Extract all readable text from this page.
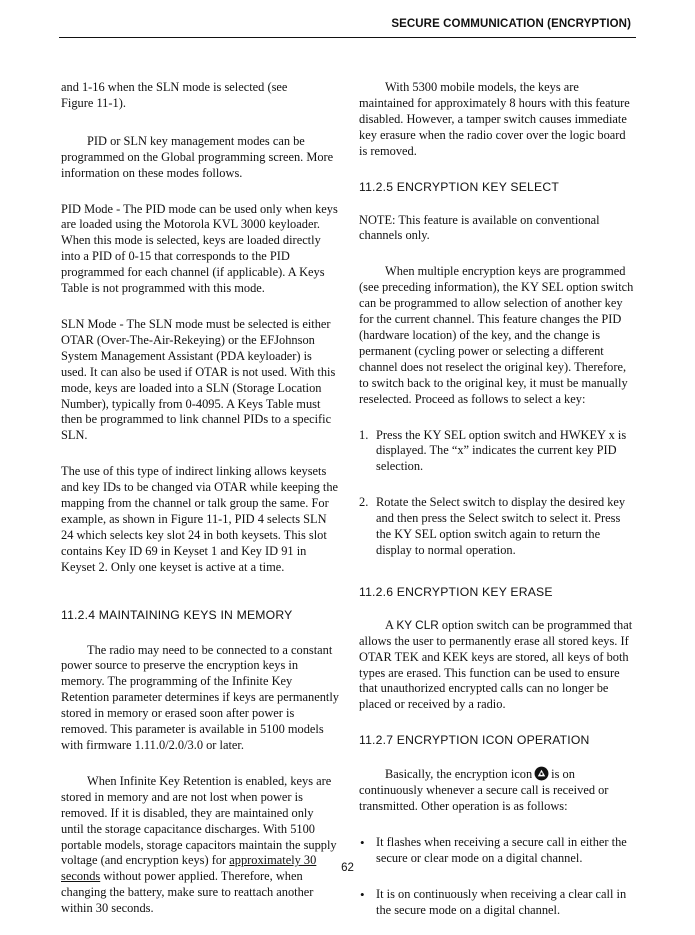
SECURE COMMUNICATION (ENCRYPTION)

and 1-16 when the SLN mode is selected (see
Figure 11-1).

PID or SLN key management modes can be programmed on the Global programming screen. More information on these modes follows.

PID Mode - The PID mode can be used only when keys are loaded using the Motorola KVL 3000 keyloader. When this mode is selected, keys are loaded directly into a PID of 0-15 that corresponds to the PID programmed for each channel (if applicable). A Keys Table is not programmed with this mode.

SLN Mode - The SLN mode must be selected is either OTAR (Over-The-Air-Rekeying) or the EFJohnson System Management Assistant (PDA keyloader) is used. It can also be used if OTAR is not used. With this mode, keys are loaded into a SLN (Storage Location Number), typically from 0-4095. A Keys Table must then be programmed to link channel PIDs to a specific SLN.

The use of this type of indirect linking allows keysets and key IDs to be changed via OTAR while keeping the mapping from the channel or talk group the same. For example, as shown in Figure 11-1, PID 4 selects SLN 24 which selects key slot 24 in both keysets. This slot contains Key ID 69 in Keyset 1 and Key ID 91 in Keyset 2. Only one keyset is active at a time.

11.2.4 MAINTAINING KEYS IN MEMORY

The radio may need to be connected to a constant power source to preserve the encryption keys in memory. The programming of the Infinite Key Retention parameter determines if keys are permanently stored in memory or erased soon after power is removed. This parameter is available in 5100 models with firmware 1.11.0/2.0/3.0 or later.

When Infinite Key Retention is enabled, keys are stored in memory and are not lost when power is removed. If it is disabled, they are maintained only until the storage capacitance discharges. With 5100 portable models, storage capacitors maintain the supply voltage (and encryption keys) for approximately 30 seconds without power applied. Therefore, when changing the battery, make sure to reattach another within 30 seconds.

With 5300 mobile models, the keys are maintained for approximately 8 hours with this feature disabled. However, a tamper switch causes immediate key erasure when the radio cover over the logic board is removed.

11.2.5 ENCRYPTION KEY SELECT

NOTE: This feature is available on conventional channels only.

When multiple encryption keys are programmed (see preceding information), the KY SEL option switch can be programmed to allow selection of another key for the current channel. This feature changes the PID (hardware location) of the key, and the change is permanent (cycling power or selecting a different channel does not reselect the original key). Therefore, to switch back to the original key, it must be manually reselected. Proceed as follows to select a key:

1. Press the KY SEL option switch and HWKEY x is displayed. The “x” indicates the current key PID selection.
2. Rotate the Select switch to display the desired key and then press the Select switch to select it. Press the KY SEL option switch again to return the display to normal operation.
11.2.6 ENCRYPTION KEY ERASE

A KY CLR option switch can be programmed that allows the user to permanently erase all stored keys. If OTAR TEK and KEK keys are stored, all keys of both types are erased. This function can be used to ensure that unauthorized encrypted calls can no longer be placed or received by a radio.

11.2.7 ENCRYPTION ICON OPERATION

Basically, the encryption icon is on continuously whenever a secure call is received or transmitted. Other operation is as follows:

• It flashes when receiving a secure call in either the secure or clear mode on a digital channel.
• It is on continuously when receiving a clear call in the secure mode on a digital channel.
62
